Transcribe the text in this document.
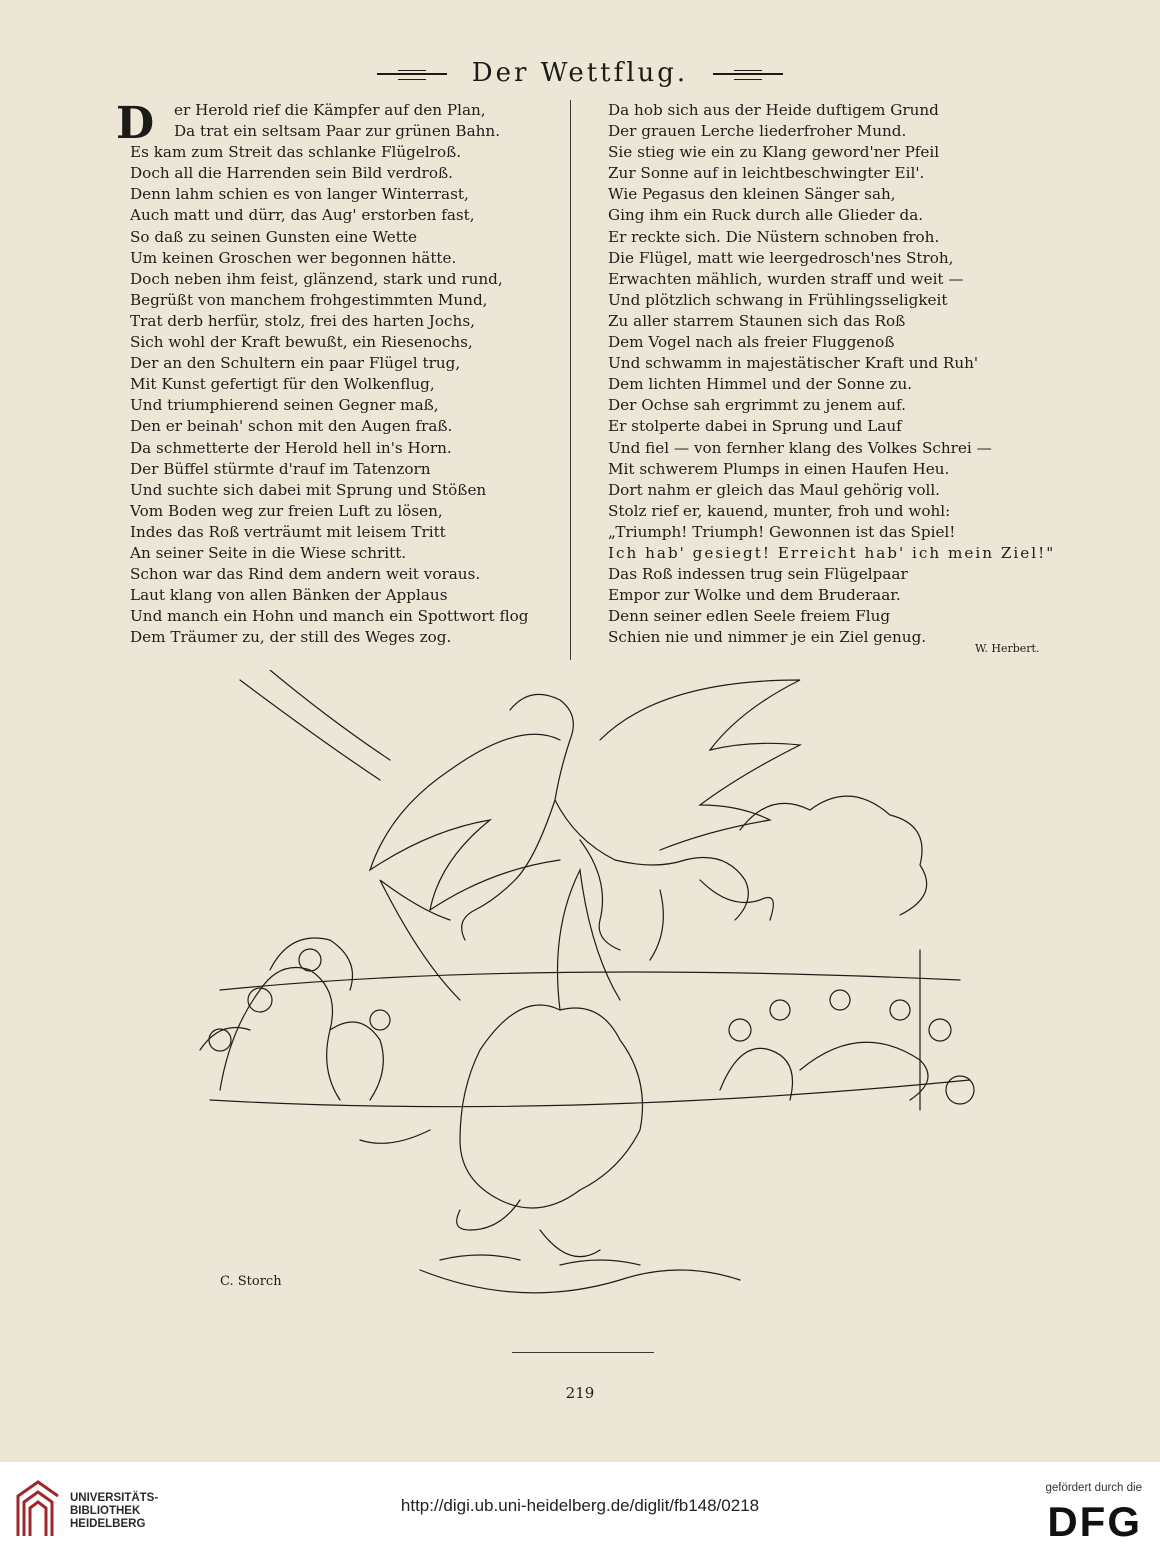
Der Wettflug.
D	er Herold rief die Kämpfer auf den Plan,
Da trat ein seltsam Paar zur grünen Bahn.
Es kam zum Streit das schlanke Flügelroß.
Doch all die Harrenden sein Bild verdroß.
Denn lahm schien es von langer Winterrast,
Auch matt und dürr, das Aug' erstorben fast,
So daß zu seinen Gunsten eine Wette
Um keinen Groschen wer begonnen hätte.
Doch neben ihm feist, glänzend, stark und rund,
Begrüßt von manchem frohgestimmten Mund,
Trat derb herfür, stolz, frei des harten Jochs,
Sich wohl der Kraft bewußt, ein Riesenochs,
Der an den Schultern ein paar Flügel trug,
Mit Kunst gefertigt für den Wolkenflug,
Und triumphierend seinen Gegner maß,
Den er beinah' schon mit den Augen fraß.
Da schmetterte der Herold hell in's Horn.
Der Büffel stürmte d'rauf im Tatenzorn
Und suchte sich dabei mit Sprung und Stößen
Vom Boden weg zur freien Luft zu lösen,
Indes das Roß verträumt mit leisem Tritt
An seiner Seite in die Wiese schritt.
Schon war das Rind dem andern weit voraus.
Laut klang von allen Bänken der Applaus
Und manch ein Hohn und manch ein Spottwort flog
Dem Träumer zu, der still des Weges zog.
Da hob sich aus der Heide duftigem Grund
Der grauen Lerche liederfroher Mund.
Sie stieg wie ein zu Klang geword'ner Pfeil
Zur Sonne auf in leichtbeschwingter Eil'.
Wie Pegasus den kleinen Sänger sah,
Ging ihm ein Ruck durch alle Glieder da.
Er reckte sich. Die Nüstern schnoben froh.
Die Flügel, matt wie leergedrosch'nes Stroh,
Erwachten mählich, wurden straff und weit —
Und plötzlich schwang in Frühlingsseligkeit
Zu aller starrem Staunen sich das Roß
Dem Vogel nach als freier Fluggenoß
Und schwamm in majestätischer Kraft und Ruh'
Dem lichten Himmel und der Sonne zu.
Der Ochse sah ergrimmt zu jenem auf.
Er stolperte dabei in Sprung und Lauf
Und fiel — von fernher klang des Volkes Schrei —
Mit schwerem Plumps in einen Haufen Heu.
Dort nahm er gleich das Maul gehörig voll.
Stolz rief er, kauend, munter, froh und wohl:
„Triumph! Triumph! Gewonnen ist das Spiel!
Ich hab' gesiegt! Erreicht hab' ich mein Ziel!"
Das Roß indessen trug sein Flügelpaar
Empor zur Wolke und dem Bruderaar.
Denn seiner edlen Seele freiem Flug
Schien nie und nimmer je ein Ziel genug.
W. Herbert.
C. Storch
219
UNIVERSITÄTS-
BIBLIOTHEK
HEIDELBERG
http://digi.ub.uni-heidelberg.de/diglit/fb148/0218
gefördert durch die
DFG
